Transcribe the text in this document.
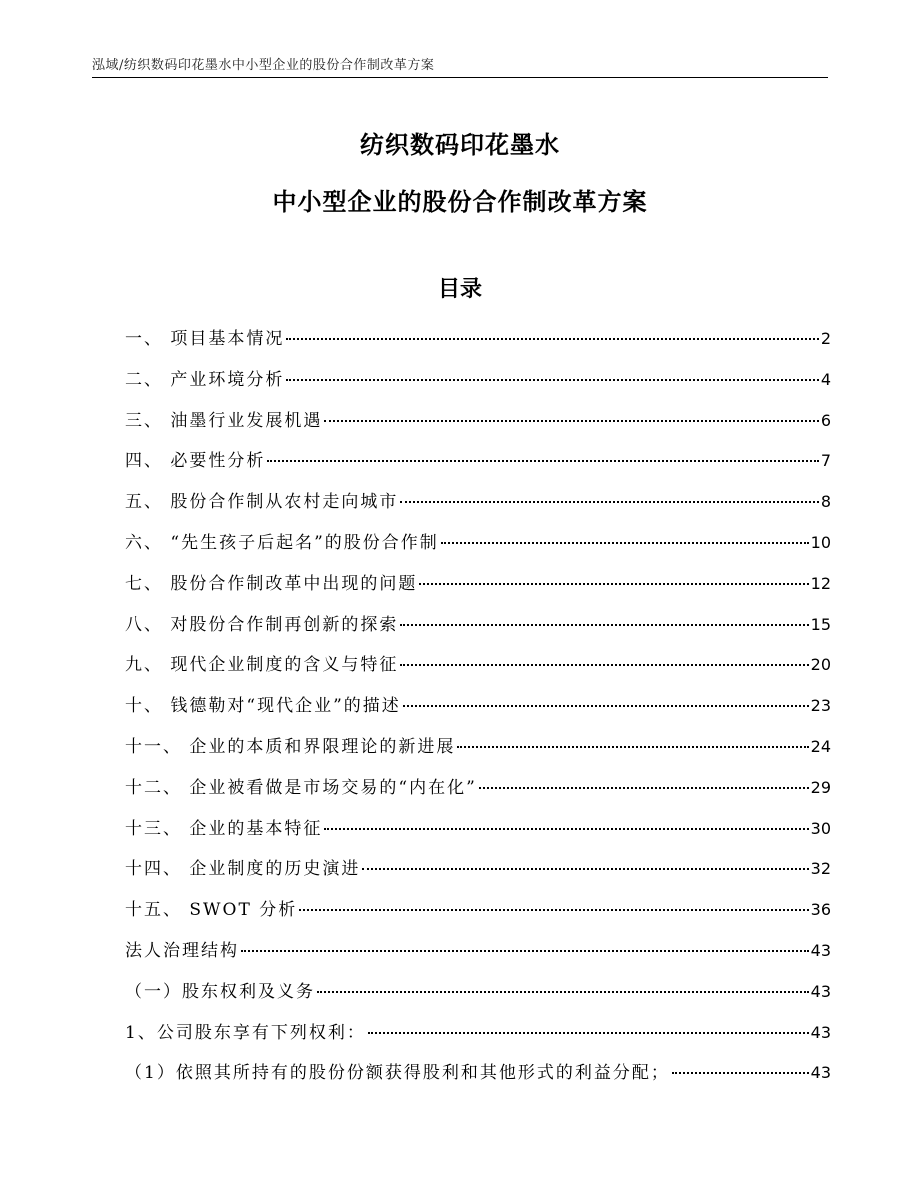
泓域/纺织数码印花墨水中小型企业的股份合作制改革方案
纺织数码印花墨水
中小型企业的股份合作制改革方案
目录
一、 项目基本情况	2
二、 产业环境分析	4
三、 油墨行业发展机遇	6
四、 必要性分析	7
五、 股份合作制从农村走向城市	8
六、 “先生孩子后起名”的股份合作制	10
七、 股份合作制改革中出现的问题	12
八、 对股份合作制再创新的探索	15
九、 现代企业制度的含义与特征	20
十、 钱德勒对“现代企业”的描述	23
十一、 企业的本质和界限理论的新进展	24
十二、 企业被看做是市场交易的“内在化”	29
十三、 企业的基本特征	30
十四、 企业制度的历史演进	32
十五、 SWOT 分析	36
法人治理结构	43
（一）股东权利及义务	43
1、公司股东享有下列权利：	43
（1）依照其所持有的股份份额获得股利和其他形式的利益分配；	43
